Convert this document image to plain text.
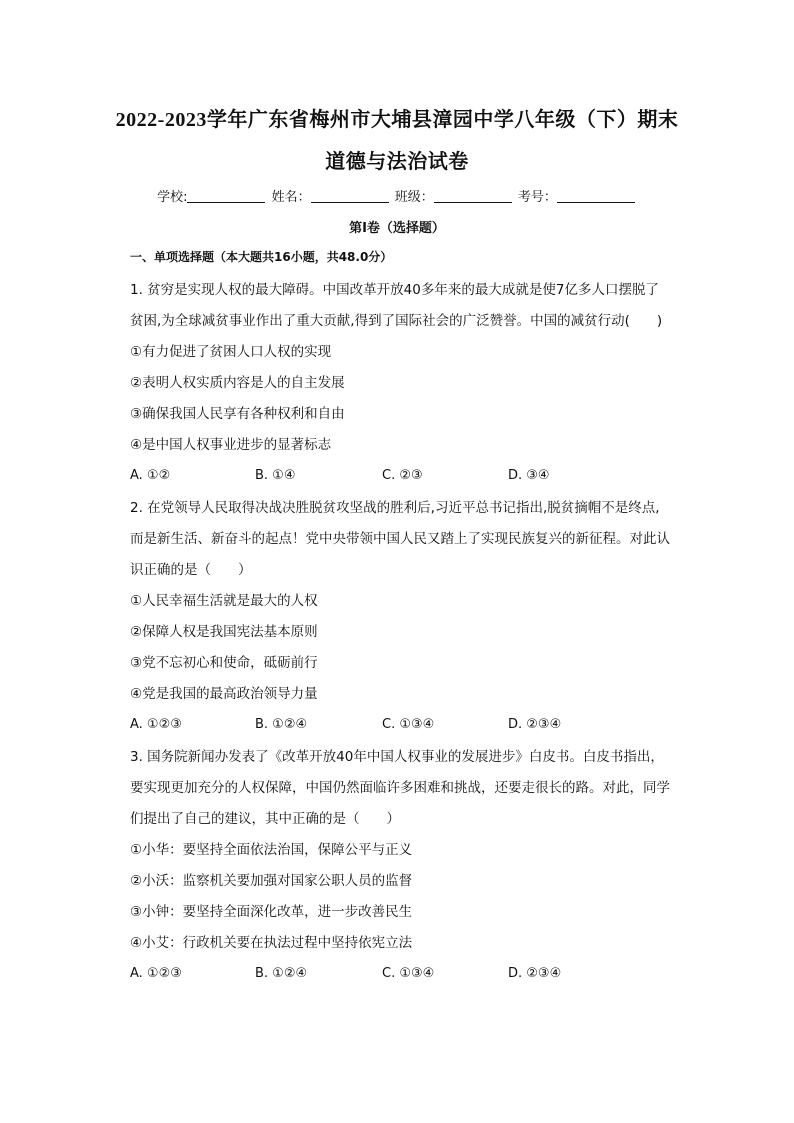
2022-2023学年广东省梅州市大埔县漳园中学八年级（下）期末
道德与法治试卷
学校:	姓名：	班级：	考号：
第Ⅰ卷（选择题）
一、单项选择题（本大题共16小题，共48.0分）
1. 贫穷是实现人权的最大障碍。中国改革开放40多年来的最大成就是使7亿多人口摆脱了
贫困,为全球减贫事业作出了重大贡献,得到了国际社会的广泛赞誉。中国的减贫行动(　　)
①有力促进了贫困人口人权的实现
②表明人权实质内容是人的自主发展
③确保我国人民享有各种权利和自由
④是中国人权事业进步的显著标志
A. ①②	B. ①④	C. ②③	D. ③④
2. 在党领导人民取得决战决胜脱贫攻坚战的胜利后,习近平总书记指出,脱贫摘帽不是终点,
而是新生活、新奋斗的起点！党中央带领中国人民又踏上了实现民族复兴的新征程。对此认
识正确的是（　　）
①人民幸福生活就是最大的人权
②保障人权是我国宪法基本原则
③党不忘初心和使命，砥砺前行
④党是我国的最高政治领导力量
A. ①②③	B. ①②④	C. ①③④	D. ②③④
3. 国务院新闻办发表了《改革开放40年中国人权事业的发展进步》白皮书。白皮书指出，
要实现更加充分的人权保障，中国仍然面临许多困难和挑战，还要走很长的路。对此，同学
们提出了自己的建议，其中正确的是（　　）
①小华：要坚持全面依法治国，保障公平与正义
②小沃：监察机关要加强对国家公职人员的监督
③小钟：要坚持全面深化改革，进一步改善民生
④小艾：行政机关要在执法过程中坚持依宪立法
A. ①②③	B. ①②④	C. ①③④	D. ②③④
